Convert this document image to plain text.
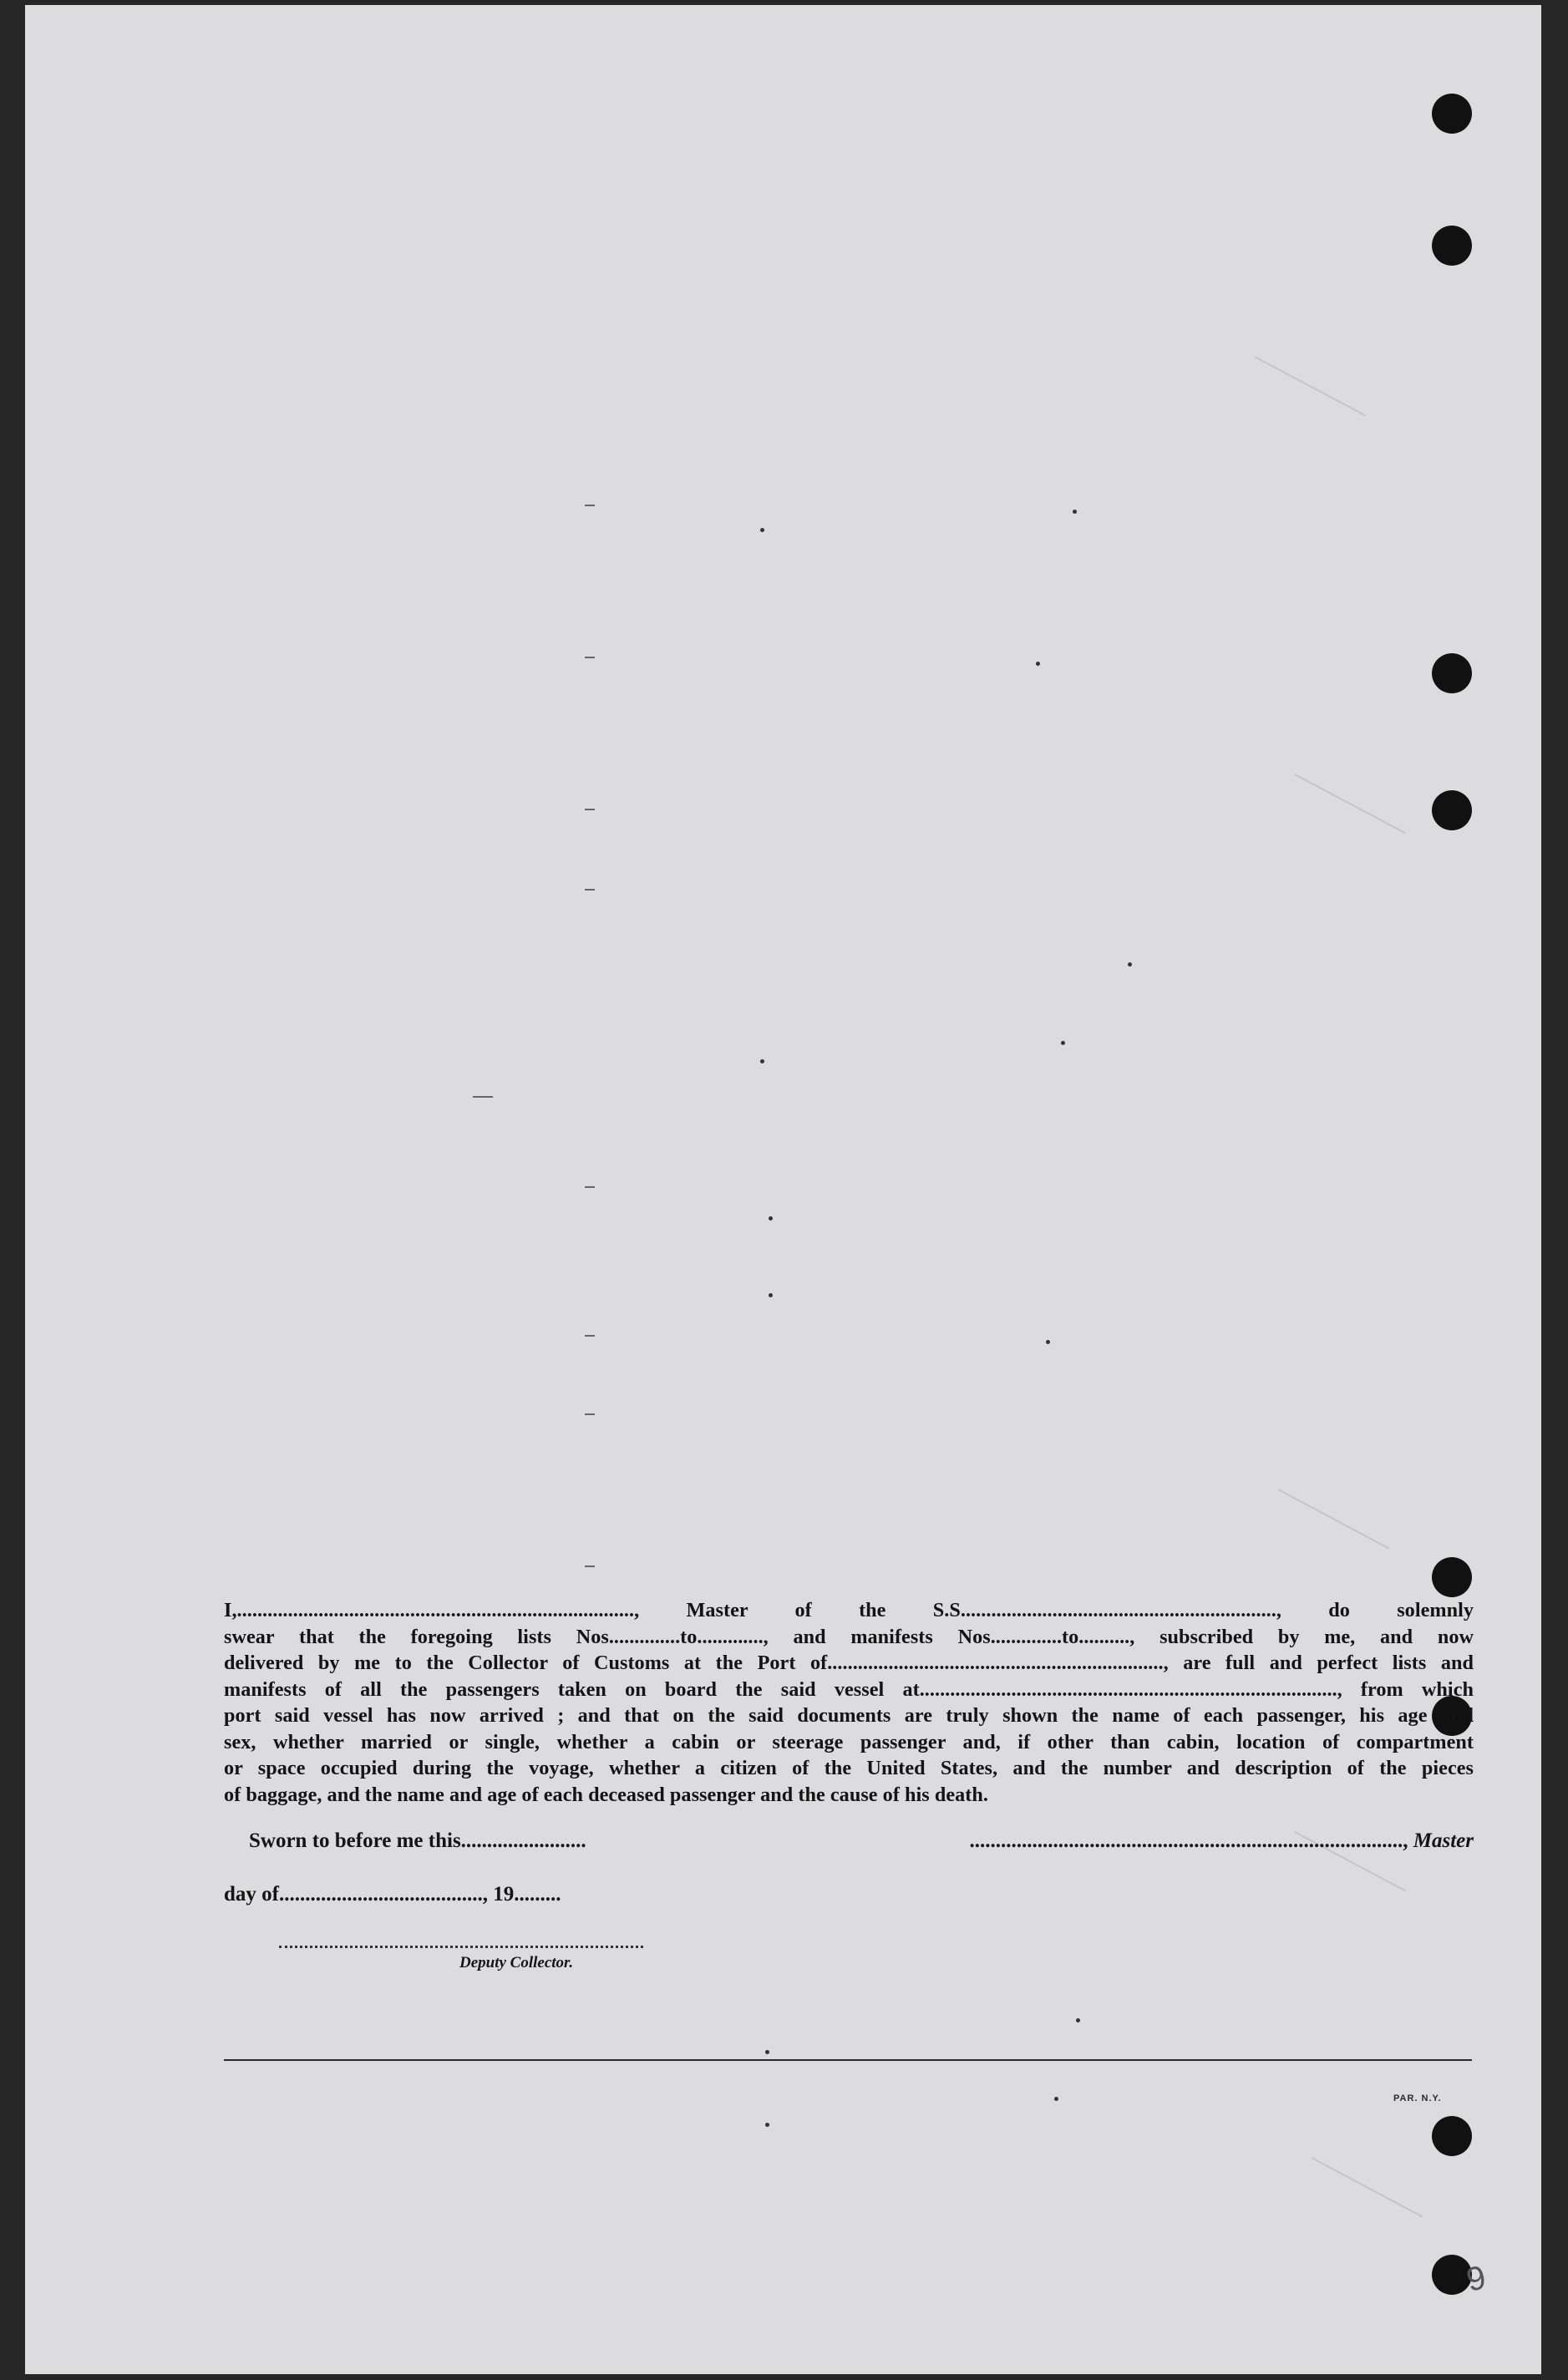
I,.............................................................................., Master of the S.S.............................................................., do solemnly

swear that the foregoing lists Nos..............to............., and manifests Nos..............to.........., subscribed by me, and now

delivered by me to the Collector of Customs at the Port of.................................................................., are full and perfect lists and

manifests of all the passengers taken on board the said vessel at.................................................................................., from which

port said vessel has now arrived ; and that on the said documents are truly shown the name of each passenger, his age and

sex, whether married or single, whether a cabin or steerage passenger and, if other than cabin, location of compartment

or space occupied during the voyage, whether a citizen of the United States, and the number and description of the pieces

of baggage, and the name and age of each deceased passenger and the cause of his death.

Sworn to before me this........................	..................................................................................., Master
day of......................................., 19.........
Deputy Collector.
PAR. N.Y.
9
